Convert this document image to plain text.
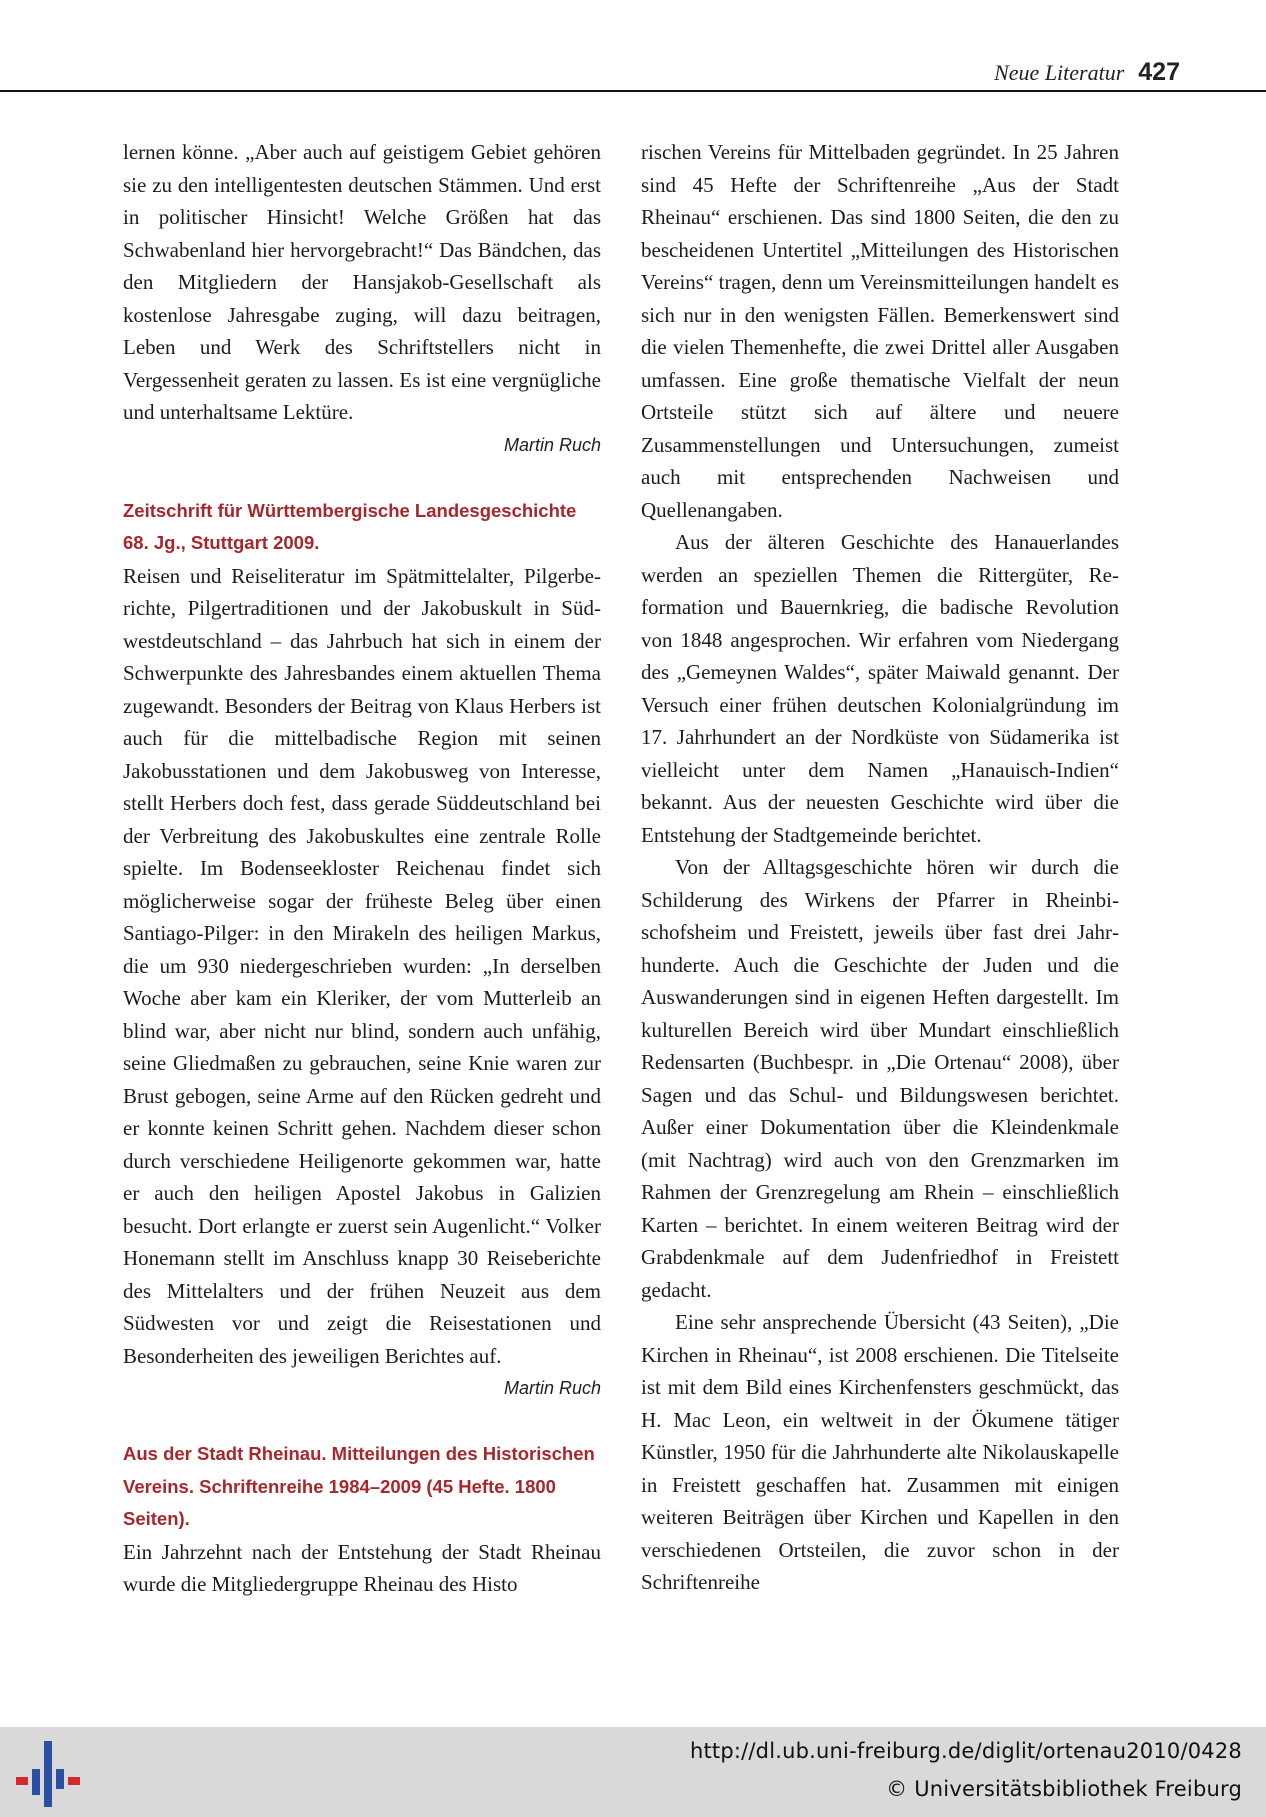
Neue Literatur 427

lernen könne. „Aber auch auf geistigem Gebiet gehören sie zu den intelligentesten deutschen Stämmen. Und erst in politischer Hinsicht! Welche Größen hat das Schwabenland hier hervorgebracht!“ Das Bändchen, das den Mitgliedern der Hansjakob-Gesellschaft als kostenlose Jahresgabe zuging, will dazu beitragen, Leben und Werk des Schriftstellers nicht in Vergessenheit geraten zu lassen. Es ist eine vergnügliche und unterhaltsame Lektüre.

Martin Ruch
Zeitschrift für Württembergische Landesgeschichte 68. Jg., Stuttgart 2009.

Reisen und Reiseliteratur im Spätmittelalter, Pilgerberichte, Pilgertraditionen und der Jakobuskult in Südwestdeutschland – das Jahrbuch hat sich in einem der Schwerpunkte des Jahresbandes einem aktuellen Thema zugewandt. Besonders der Beitrag von Klaus Herbers ist auch für die mittelbadische Region mit seinen Jakobusstationen und dem Jakobusweg von Interesse, stellt Herbers doch fest, dass gerade Süddeutschland bei der Verbreitung des Jakobuskultes eine zentrale Rolle spielte. Im Bodenseekloster Reichenau findet sich möglicherweise sogar der früheste Beleg über einen Santiago-Pilger: in den Mirakeln des heiligen Markus, die um 930 niedergeschrieben wurden: „In derselben Woche aber kam ein Kleriker, der vom Mutterleib an blind war, aber nicht nur blind, sondern auch unfähig, seine Gliedmaßen zu gebrauchen, seine Knie waren zur Brust gebogen, seine Arme auf den Rücken gedreht und er konnte keinen Schritt gehen. Nachdem dieser schon durch verschiedene Heiligenorte gekommen war, hatte er auch den heiligen Apostel Jakobus in Galizien besucht. Dort erlangte er zuerst sein Augenlicht.“ Volker Honemann stellt im Anschluss knapp 30 Reiseberichte des Mittelalters und der frühen Neuzeit aus dem Südwesten vor und zeigt die Reisestationen und Besonderheiten des jeweiligen Berichtes auf.

Martin Ruch
Aus der Stadt Rheinau. Mitteilungen des Historischen Vereins. Schriftenreihe 1984–2009 (45 Hefte. 1800 Seiten).

Ein Jahrzehnt nach der Entstehung der Stadt Rheinau wurde die Mitgliedergruppe Rheinau des Histo

rischen Vereins für Mittelbaden gegründet. In 25 Jahren sind 45 Hefte der Schriftenreihe „Aus der Stadt Rheinau“ erschienen. Das sind 1800 Seiten, die den zu bescheidenen Untertitel „Mitteilungen des Historischen Vereins“ tragen, denn um Vereinsmitteilungen handelt es sich nur in den wenigsten Fällen. Bemerkenswert sind die vielen Themenhefte, die zwei Drittel aller Ausgaben umfassen. Eine große thematische Vielfalt der neun Ortsteile stützt sich auf ältere und neuere Zusammenstellungen und Untersuchungen, zumeist auch mit entsprechenden Nachweisen und Quellenangaben.

Aus der älteren Geschichte des Hanauerlandes werden an speziellen Themen die Rittergüter, Reformation und Bauernkrieg, die badische Revolution von 1848 angesprochen. Wir erfahren vom Niedergang des „Gemeynen Waldes“, später Maiwald genannt. Der Versuch einer frühen deutschen Kolonialgründung im 17. Jahrhundert an der Nordküste von Südamerika ist vielleicht unter dem Namen „Hanauisch-Indien“ bekannt. Aus der neuesten Geschichte wird über die Entstehung der Stadtgemeinde berichtet.

Von der Alltagsgeschichte hören wir durch die Schilderung des Wirkens der Pfarrer in Rheinbischofsheim und Freistett, jeweils über fast drei Jahrhunderte. Auch die Geschichte der Juden und die Auswanderungen sind in eigenen Heften dargestellt. Im kulturellen Bereich wird über Mundart einschließlich Redensarten (Buchbespr. in „Die Ortenau“ 2008), über Sagen und das Schul- und Bildungswesen berichtet. Außer einer Dokumentation über die Kleindenkmale (mit Nachtrag) wird auch von den Grenzmarken im Rahmen der Grenzregelung am Rhein – einschließlich Karten – berichtet. In einem weiteren Beitrag wird der Grabdenkmale auf dem Judenfriedhof in Freistett gedacht.

Eine sehr ansprechende Übersicht (43 Seiten), „Die Kirchen in Rheinau“, ist 2008 erschienen. Die Titelseite ist mit dem Bild eines Kirchenfensters geschmückt, das H. Mac Leon, ein weltweit in der Ökumene tätiger Künstler, 1950 für die Jahrhunderte alte Nikolauskapelle in Freistett geschaffen hat. Zusammen mit einigen weiteren Beiträgen über Kirchen und Kapellen in den verschiedenen Ortsteilen, die zuvor schon in der Schriftenreihe

http://dl.ub.uni-freiburg.de/diglit/ortenau2010/0428
© Universitätsbibliothek Freiburg
